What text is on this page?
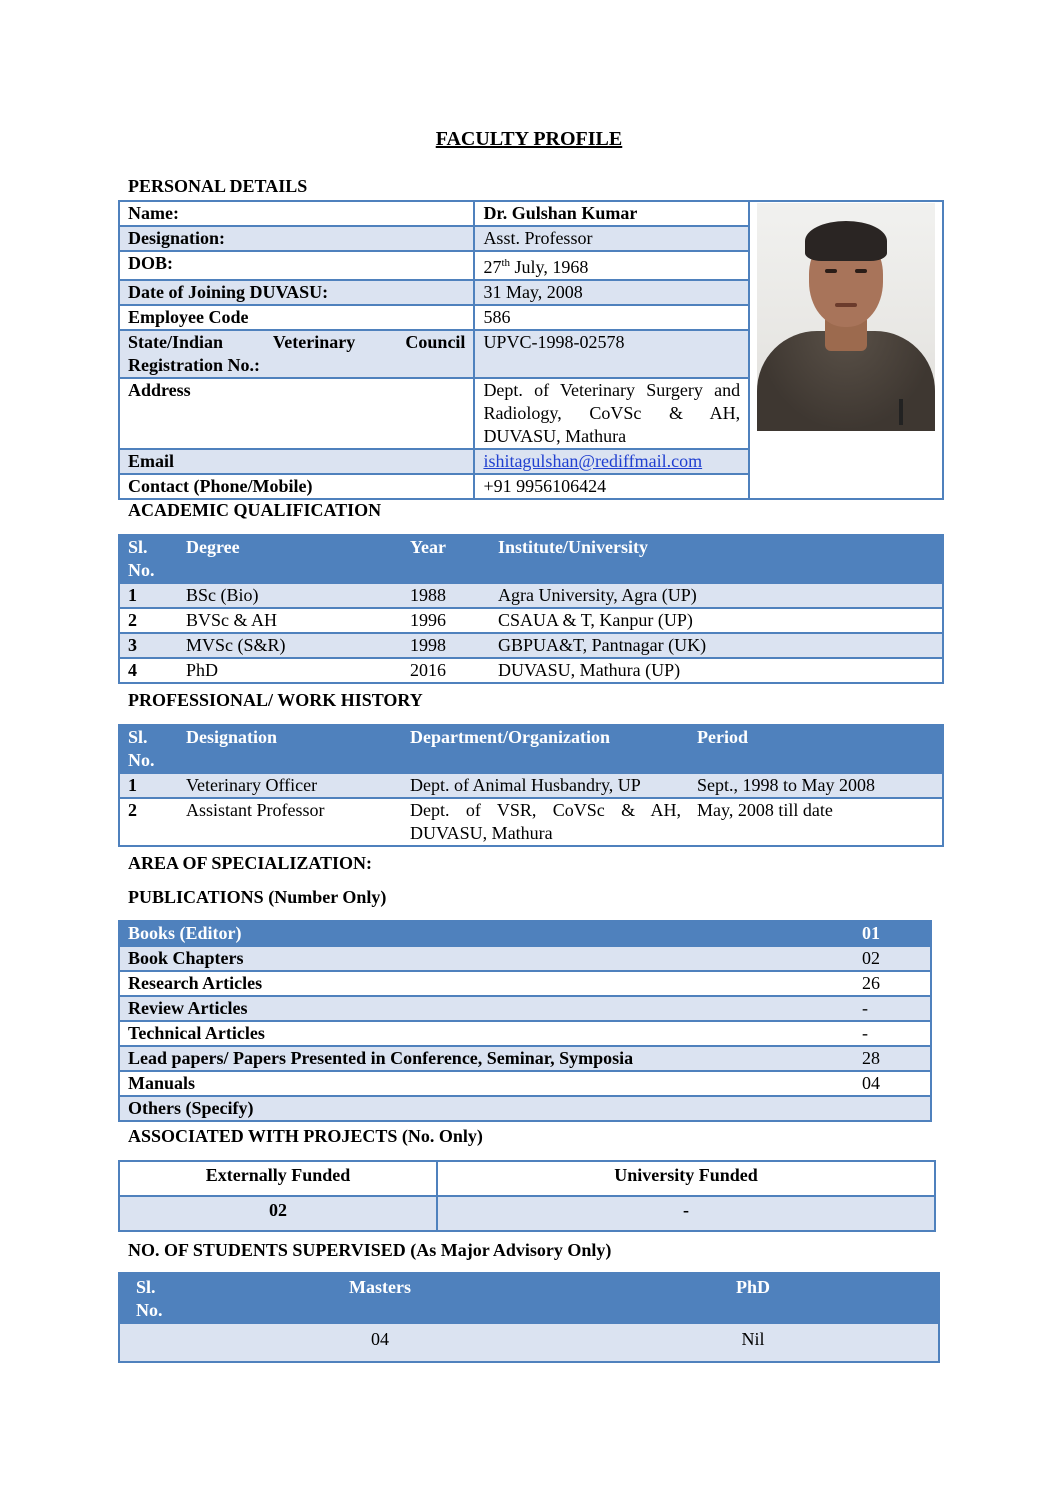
FACULTY PROFILE
PERSONAL DETAILS
Name:	Dr. Gulshan Kumar	

Designation:	Asst. Professor	
DOB:	27th July, 1968	
Date of Joining DUVASU:	31 May, 2008	
Employee Code	586	

State/Indian Veterinary Council
Registration No.:	UPVC-1998-02578	
Address	Dept. of Veterinary Surgery and Radiology, CoVSc & AH, DUVASU, Mathura	
Email	ishitagulshan@rediffmail.com	
Contact (Phone/Mobile)	+91 9956106424	
ACADEMIC QUALIFICATION
Sl. No.	Degree	Year	Institute/University
1	BSc (Bio)	1988	Agra University, Agra (UP)
2	BVSc & AH	1996	CSAUA & T, Kanpur (UP)
3	MVSc (S&R)	1998	GBPUA&T, Pantnagar (UK)
4	PhD	2016	DUVASU, Mathura (UP)
PROFESSIONAL/ WORK HISTORY
Sl. No.	Designation	Department/Organization	Period
1	Veterinary Officer	Dept. of Animal Husbandry, UP	Sept., 1998 to May 2008
2	Assistant Professor	Dept. of VSR, CoVSc & AH, DUVASU, Mathura	May, 2008 till date
AREA OF SPECIALIZATION:
PUBLICATIONS (Number Only)
Books (Editor)	01
Book Chapters	02
Research Articles	26
Review Articles	-
Technical Articles	-
Lead papers/ Papers Presented in Conference, Seminar, Symposia	28
Manuals	04
Others (Specify)	
ASSOCIATED WITH PROJECTS (No. Only)
Externally Funded	University Funded
02	-
NO. OF STUDENTS SUPERVISED (As Major Advisory Only)
Sl. No.	Masters	PhD
	04	Nil
